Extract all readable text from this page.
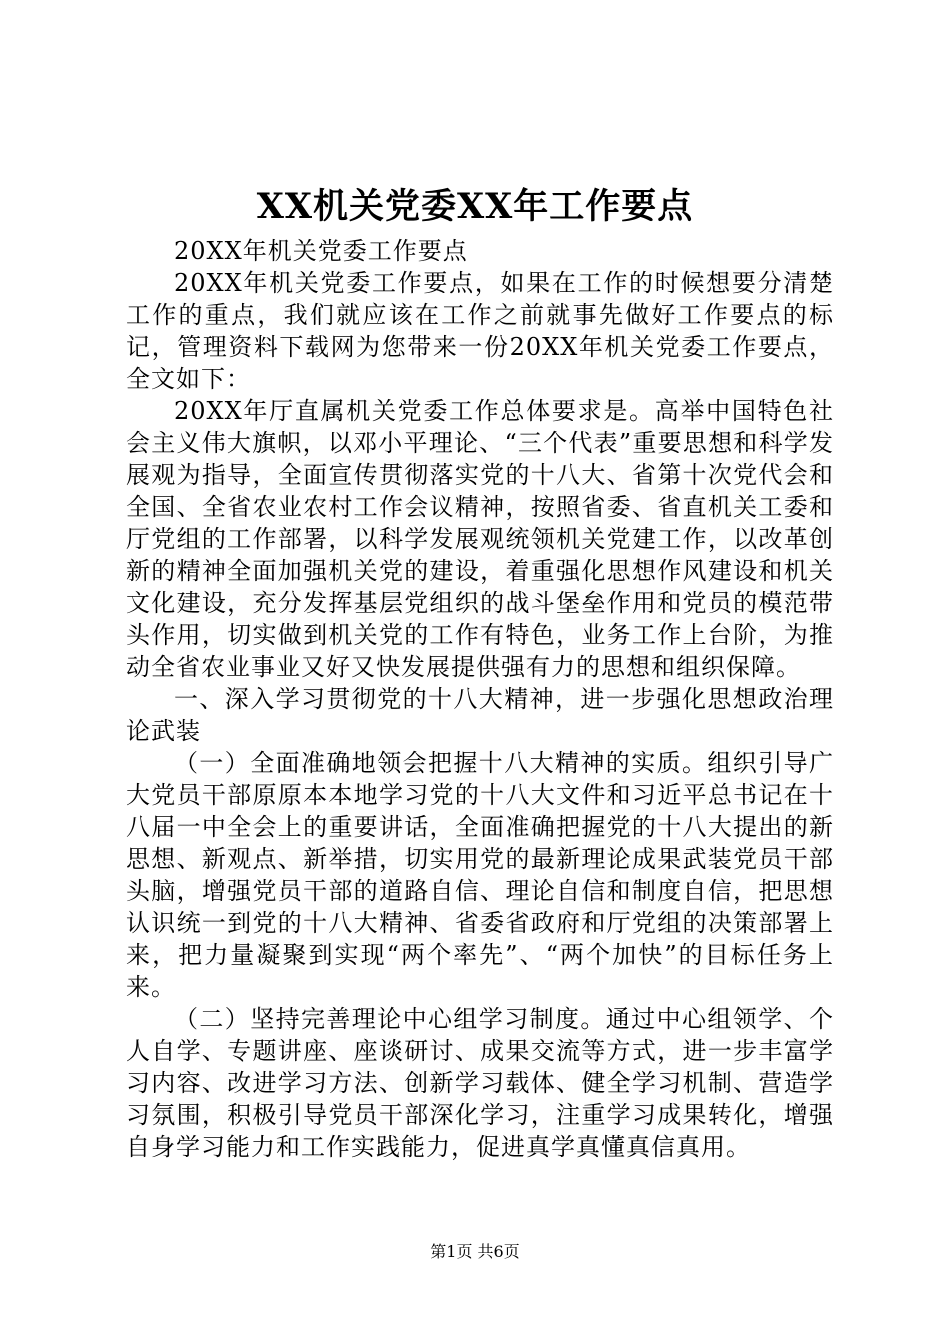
XX机关党委XX年工作要点

20XX年机关党委工作要点

20XX年机关党委工作要点，如果在工作的时候想要分清楚工作的重点，我们就应该在工作之前就事先做好工作要点的标记，管理资料下载网为您带来一份20XX年机关党委工作要点，全文如下：

20XX年厅直属机关党委工作总体要求是。高举中国特色社会主义伟大旗帜，以邓小平理论、“三个代表”重要思想和科学发展观为指导，全面宣传贯彻落实党的十八大、省第十次党代会和全国、全省农业农村工作会议精神，按照省委、省直机关工委和厅党组的工作部署，以科学发展观统领机关党建工作，以改革创新的精神全面加强机关党的建设，着重强化思想作风建设和机关文化建设，充分发挥基层党组织的战斗堡垒作用和党员的模范带头作用，切实做到机关党的工作有特色，业务工作上台阶，为推动全省农业事业又好又快发展提供强有力的思想和组织保障。

一、深入学习贯彻党的十八大精神，进一步强化思想政治理论武装

（一）全面准确地领会把握十八大精神的实质。组织引导广大党员干部原原本本地学习党的十八大文件和习近平总书记在十八届一中全会上的重要讲话，全面准确把握党的十八大提出的新思想、新观点、新举措，切实用党的最新理论成果武装党员干部头脑，增强党员干部的道路自信、理论自信和制度自信，把思想认识统一到党的十八大精神、省委省政府和厅党组的决策部署上来，把力量凝聚到实现“两个率先”、“两个加快”的目标任务上来。

（二）坚持完善理论中心组学习制度。通过中心组领学、个人自学、专题讲座、座谈研讨、成果交流等方式，进一步丰富学习内容、改进学习方法、创新学习载体、健全学习机制、营造学习氛围，积极引导党员干部深化学习，注重学习成果转化，增强自身学习能力和工作实践能力，促进真学真懂真信真用。

第1页 共6页
